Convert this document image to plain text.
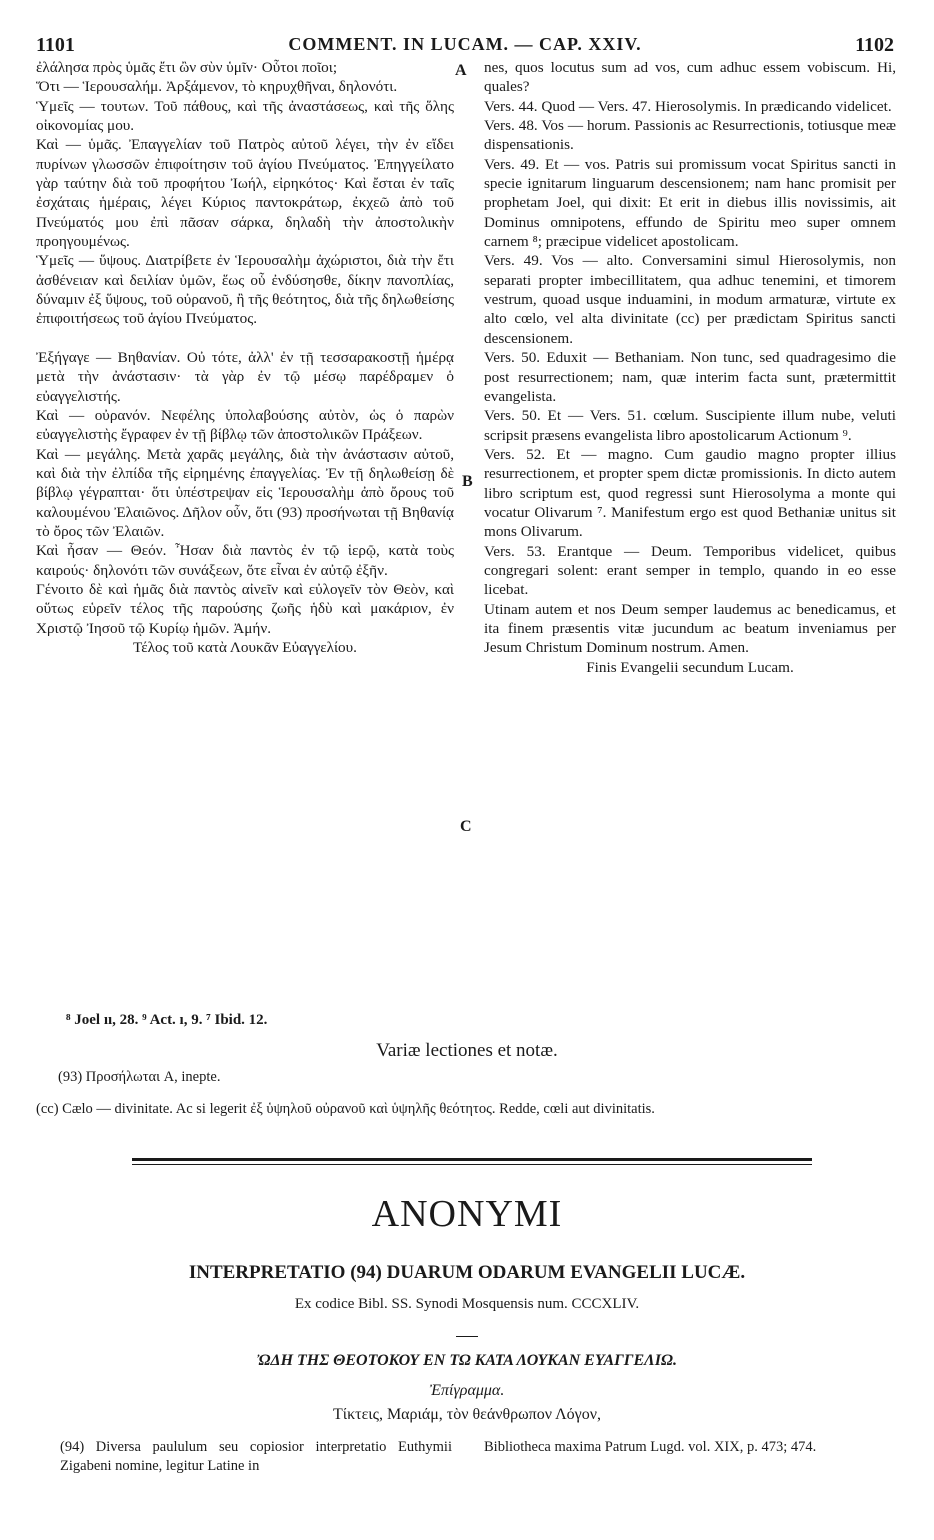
1101	COMMENT. IN LUCAM. — CAP. XXIV.	1102

ἐλάλησα πρὸς ὑμᾶς ἔτι ὢν σὺν ὑμῖν· Οὗτοι ποῖοι;

Ὅτι — Ἱερουσαλήμ. Ἀρξάμενον, τὸ κηρυχθῆναι, δηλονότι.

Ὑμεῖς — τουτων. Τοῦ πάθους, καὶ τῆς ἀναστάσεως, καὶ τῆς ὅλης οἰκονομίας μου.

Καὶ — ὑμᾶς. Ἐπαγγελίαν τοῦ Πατρὸς αὐτοῦ λέγει, τὴν ἐν εἴδει πυρίνων γλωσσῶν ἐπιφοίτησιν τοῦ ἁγίου Πνεύματος. Ἐπηγγείλατο γὰρ ταύτην διὰ τοῦ προφήτου Ἰωήλ, εἰρηκότος· Καὶ ἔσται ἐν ταῖς ἐσχάταις ἡμέραις, λέγει Κύριος παντοκράτωρ, ἐκχεῶ ἀπὸ τοῦ Πνεύματός μου ἐπὶ πᾶσαν σάρκα, δηλαδὴ τὴν ἀποστολικὴν προηγουμένως.

Ὑμεῖς — ὕψους. Διατρίβετε ἐν Ἱερουσαλὴμ ἀχώριστοι, διὰ τὴν ἔτι ἀσθένειαν καὶ δειλίαν ὑμῶν, ἕως οὗ ἐνδύσησθε, δίκην πανοπλίας, δύναμιν ἐξ ὕψους, τοῦ οὐρανοῦ, ἢ τῆς θεότητος, διὰ τῆς δηλωθείσης ἐπιφοιτήσεως τοῦ ἁγίου Πνεύματος.

Ἐξήγαγε — Βηθανίαν. Οὐ τότε, ἀλλ' ἐν τῇ τεσσαρακοστῇ ἡμέρᾳ μετὰ τὴν ἀνάστασιν· τὰ γὰρ ἐν τῷ μέσῳ παρέδραμεν ὁ εὐαγγελιστής.

Καὶ — οὐρανόν. Νεφέλης ὑπολαβούσης αὐτὸν, ὡς ὁ παρὼν εὐαγγελιστὴς ἔγραφεν ἐν τῇ βίβλῳ τῶν ἀποστολικῶν Πράξεων.

Καὶ — μεγάλης. Μετὰ χαρᾶς μεγάλης, διὰ τὴν ἀνάστασιν αὐτοῦ, καὶ διὰ τὴν ἐλπίδα τῆς εἰρημένης ἐπαγγελίας. Ἐν τῇ δηλωθείσῃ δὲ βίβλῳ γέγραπται· ὅτι ὑπέστρεψαν εἰς Ἱερουσαλὴμ ἀπὸ ὄρους τοῦ καλουμένου Ἐλαιῶνος. Δῆλον οὖν, ὅτι (93) προσήνωται τῇ Βηθανίᾳ τὸ ὄρος τῶν Ἐλαιῶν.

Καὶ ἦσαν — Θεόν. Ἦσαν διὰ παντὸς ἐν τῷ ἱερῷ, κατὰ τοὺς καιρούς· δηλονότι τῶν συνάξεων, ὅτε εἶναι ἐν αὐτῷ ἐξῆν.

Γένοιτο δὲ καὶ ἡμᾶς διὰ παντὸς αἰνεῖν καὶ εὐλογεῖν τὸν Θεὸν, καὶ οὕτως εὑρεῖν τέλος τῆς παρούσης ζωῆς ἡδὺ καὶ μακάριον, ἐν Χριστῷ Ἰησοῦ τῷ Κυρίῳ ἡμῶν. Ἀμήν.

Τέλος τοῦ κατὰ Λουκᾶν Εὐαγγελίου.

nes, quos locutus sum ad vos, cum adhuc essem vobiscum. Hi, quales?

Vers. 44. Quod — Vers. 47. Hierosolymis. In prædicando videlicet.

Vers. 48. Vos — horum. Passionis ac Resurrectionis, totiusque meæ dispensationis.

Vers. 49. Et — vos. Patris sui promissum vocat Spiritus sancti in specie ignitarum linguarum descensionem; nam hanc promisit per prophetam Joel, qui dixit: Et erit in diebus illis novissimis, ait Dominus omnipotens, effundo de Spiritu meo super omnem carnem ⁸; præcipue videlicet apostolicam.

Vers. 49. Vos — alto. Conversamini simul Hierosolymis, non separati propter imbecillitatem, qua adhuc tenemini, et timorem vestrum, quoad usque induamini, in modum armaturæ, virtute ex alto cœlo, vel alta divinitate (cc) per prædictam Spiritus sancti descensionem.

Vers. 50. Eduxit — Bethaniam. Non tunc, sed quadragesimo die post resurrectionem; nam, quæ interim facta sunt, prætermittit evangelista.

Vers. 50. Et — Vers. 51. cœlum. Suscipiente illum nube, veluti scripsit præsens evangelista libro apostolicarum Actionum ⁹.

Vers. 52. Et — magno. Cum gaudio magno propter illius resurrectionem, et propter spem dictæ promissionis. In dicto autem libro scriptum est, quod regressi sunt Hierosolyma a monte qui vocatur Olivarum ⁷. Manifestum ergo est quod Bethaniæ unitus sit mons Olivarum.

Vers. 53. Erantque — Deum. Temporibus videlicet, quibus congregari solent: erant semper in templo, quando in eo esse licebat.

Utinam autem et nos Deum semper laudemus ac benedicamus, et ita finem præsentis vitæ jucundum ac beatum inveniamus per Jesum Christum Dominum nostrum. Amen.

Finis Evangelii secundum Lucam.

A
B
C
⁸ Joel ıı, 28. ⁹ Act. ı, 9. ⁷ Ibid. 12.
Variæ lectiones et notæ.
(93) Προσήλωται A, inepte.
(cc) Cælo — divinitate. Ac si legerit ἐξ ὑψηλοῦ οὐρανοῦ καὶ ὑψηλῆς θεότητος. Redde, cœli aut divinitatis.
ANONYMI
INTERPRETATIO (94) DUARUM ODARUM EVANGELII LUCÆ.
Ex codice Bibl. SS. Synodi Mosquensis num. CCCXLIV.
ὨΔΗ ΤΗΣ ΘΕΟΤΟΚΟΥ ΕΝ ΤΩ ΚΑΤΑ ΛΟΥΚΑΝ ΕΥΑΓΓΕΛΙΩ.
Ἐπίγραμμα.
Τίκτεις, Μαριάμ, τὸν θεάνθρωπον Λόγον,
(94) Diversa paululum seu copiosior interpretatio Euthymii Zigabeni nomine, legitur Latine in
Bibliotheca maxima Patrum Lugd. vol. XIX, p. 473; 474.
